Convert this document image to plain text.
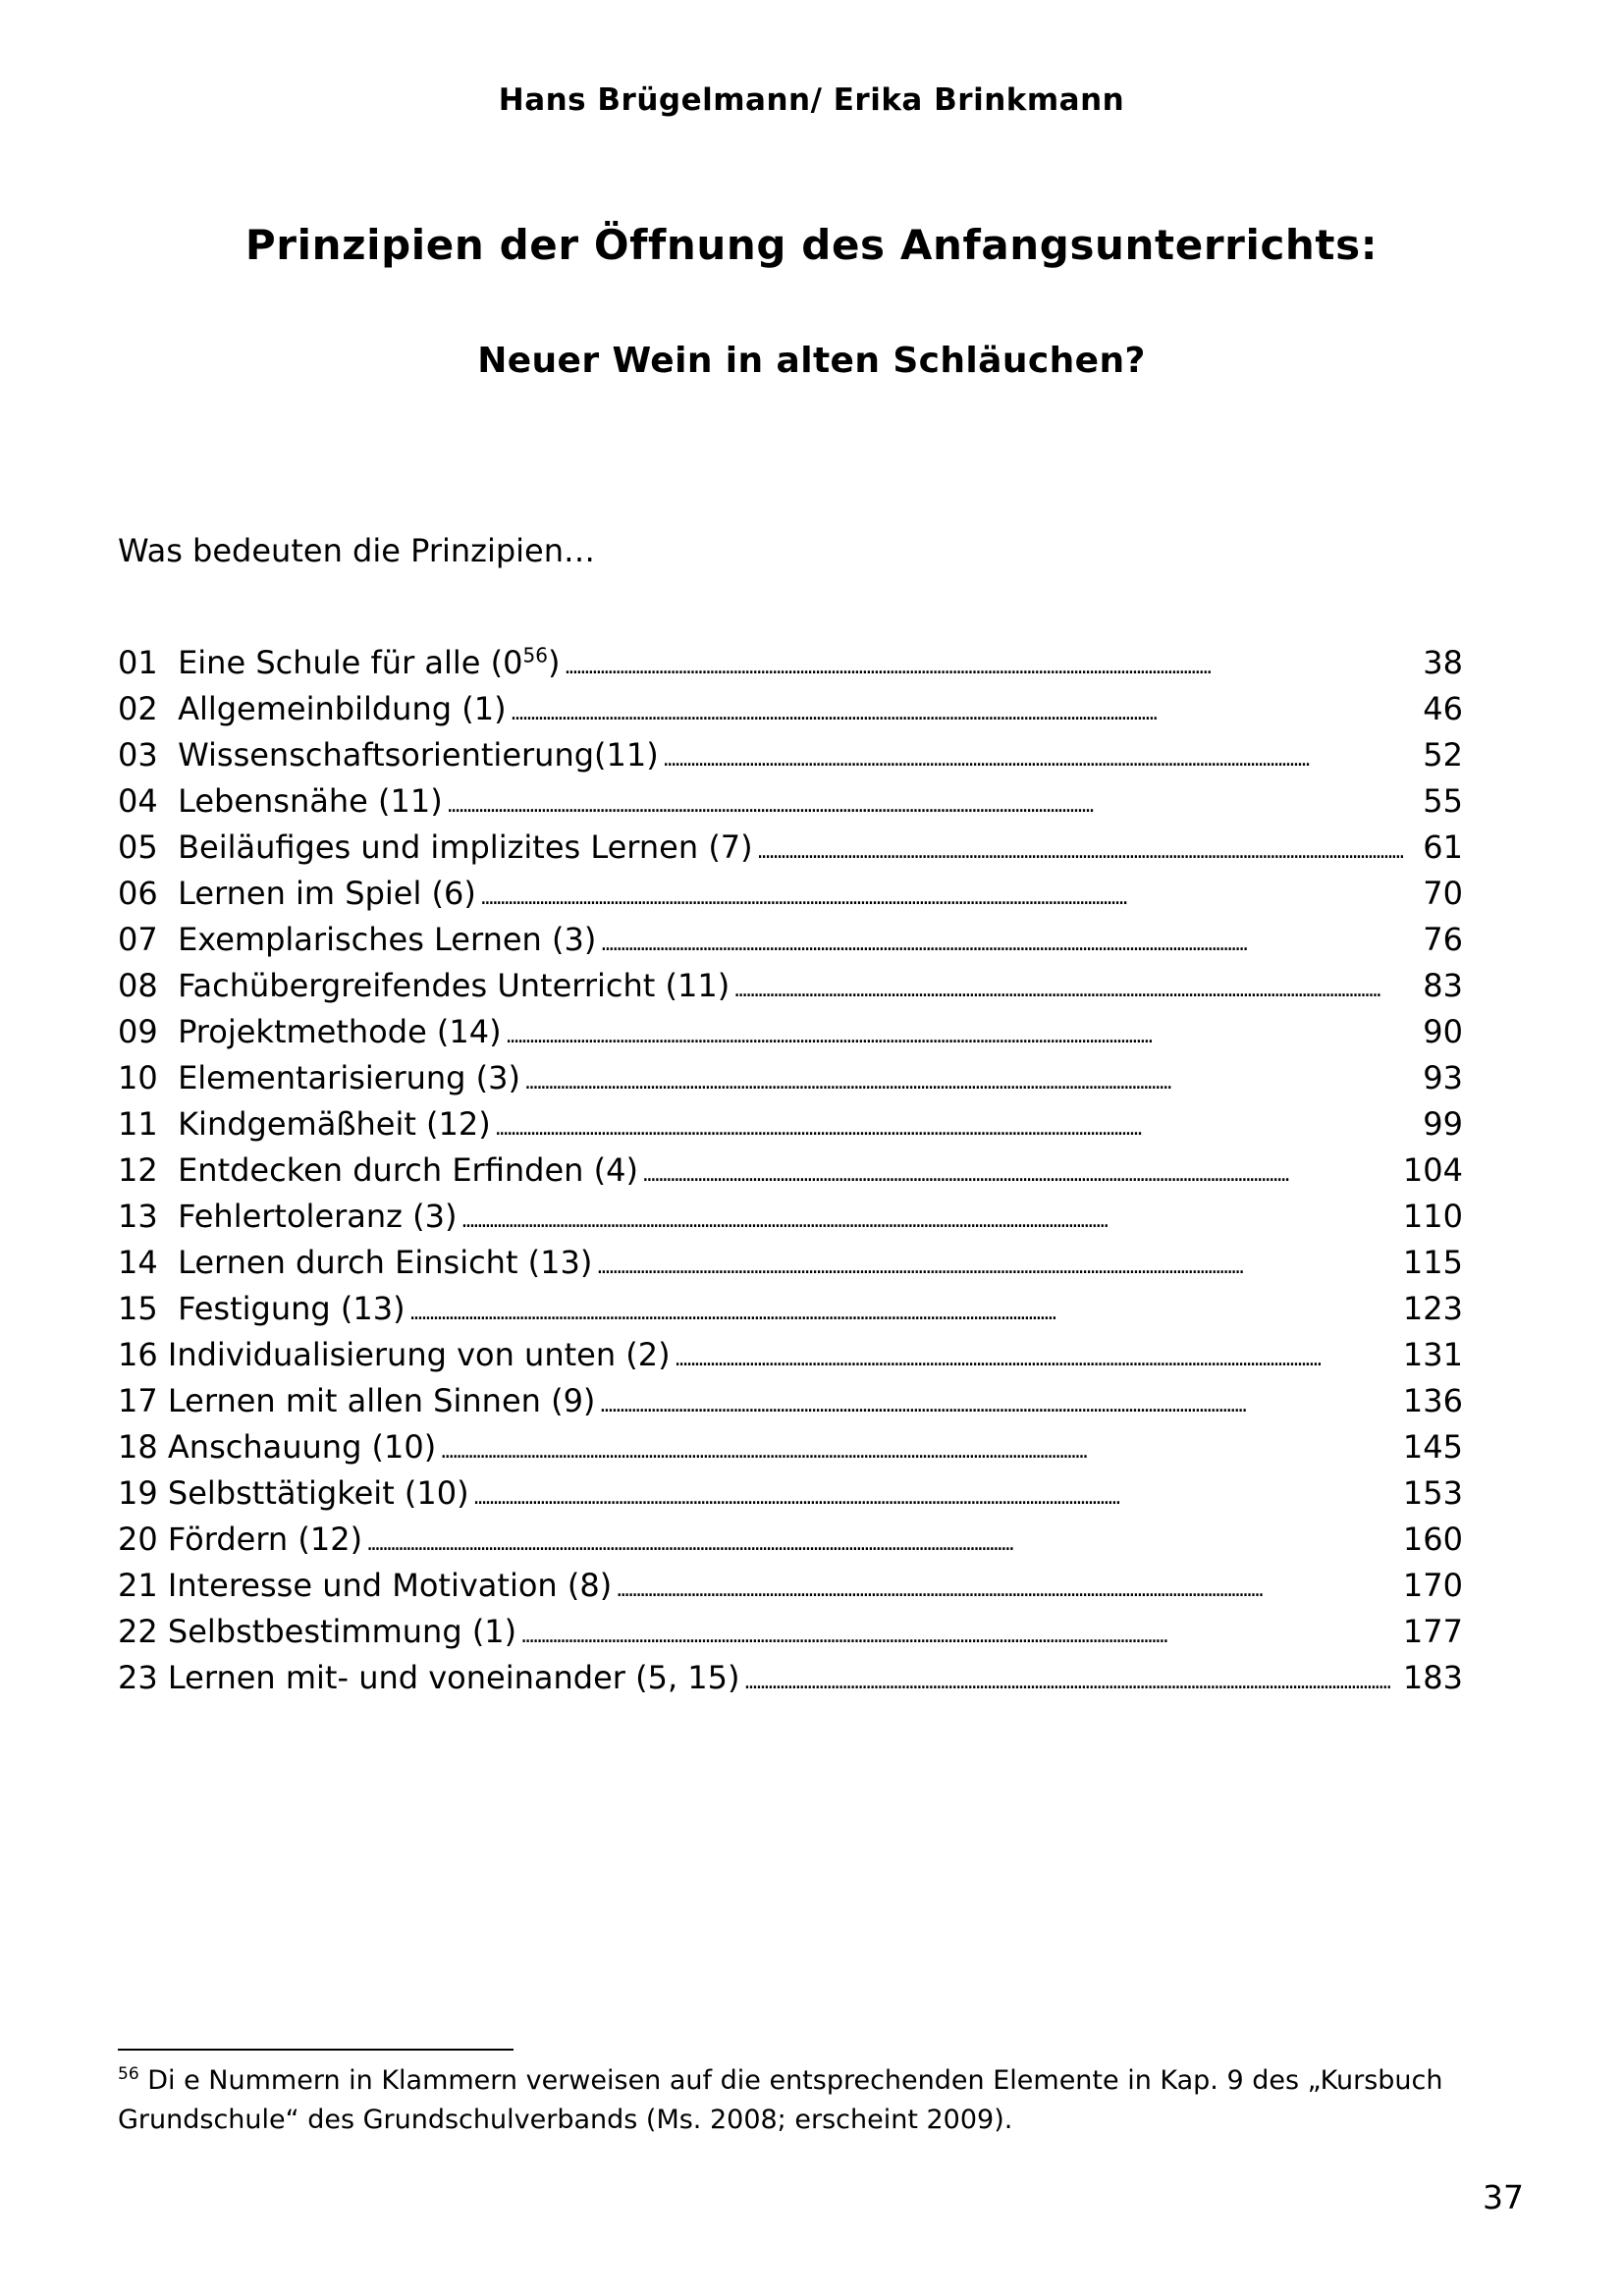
Hans Brügelmann/ Erika Brinkmann
Prinzipien der Öffnung des Anfangsunterrichts:
Neuer Wein in alten Schläuchen?
Was bedeuten die Prinzipien…
01  Eine Schule für alle $(0^{56})$ . . .	38
02  Allgemeinbildung (1) . . .	46
03  Wissenschaftsorientierung(11) . . .	52
04  Lebensnähe (11) . . .	55
05  Beiläufiges und implizites Lernen (7) . . .	61
06  Lernen im Spiel (6) . . .	70
07  Exemplarisches Lernen (3) . . .	76
08  Fachübergreifendes Unterricht (11) . . .	83
09  Projektmethode (14) . . .	90
10  Elementarisierung (3) . . .	93
11  Kindgemäßheit (12) . . .	99
12  Entdecken durch Erfinden (4) . . .	104
13  Fehlertoleranz (3) . . .	110
14  Lernen durch Einsicht (13) . . .	115
15  Festigung (13) . . .	123
16 Individualisierung von unten (2) . . .	131
17 Lernen mit allen Sinnen (9) . . .	136
18 Anschauung (10) . . .	145
19 Selbsttätigkeit (10) . . .	153
20 Fördern (12) . . .	160
21 Interesse und Motivation (8) . . .	170
22 Selbstbestimmung (1) . . .	177
23 Lernen mit- und voneinander (5, 15) . . .	183
$^{56}$ Di e Nummern in Klammern verweisen auf die entsprechenden Elemente in Kap. 9 des „Kursbuch Grundschule“ des Grundschulverbands (Ms. 2008; erscheint 2009).
37
